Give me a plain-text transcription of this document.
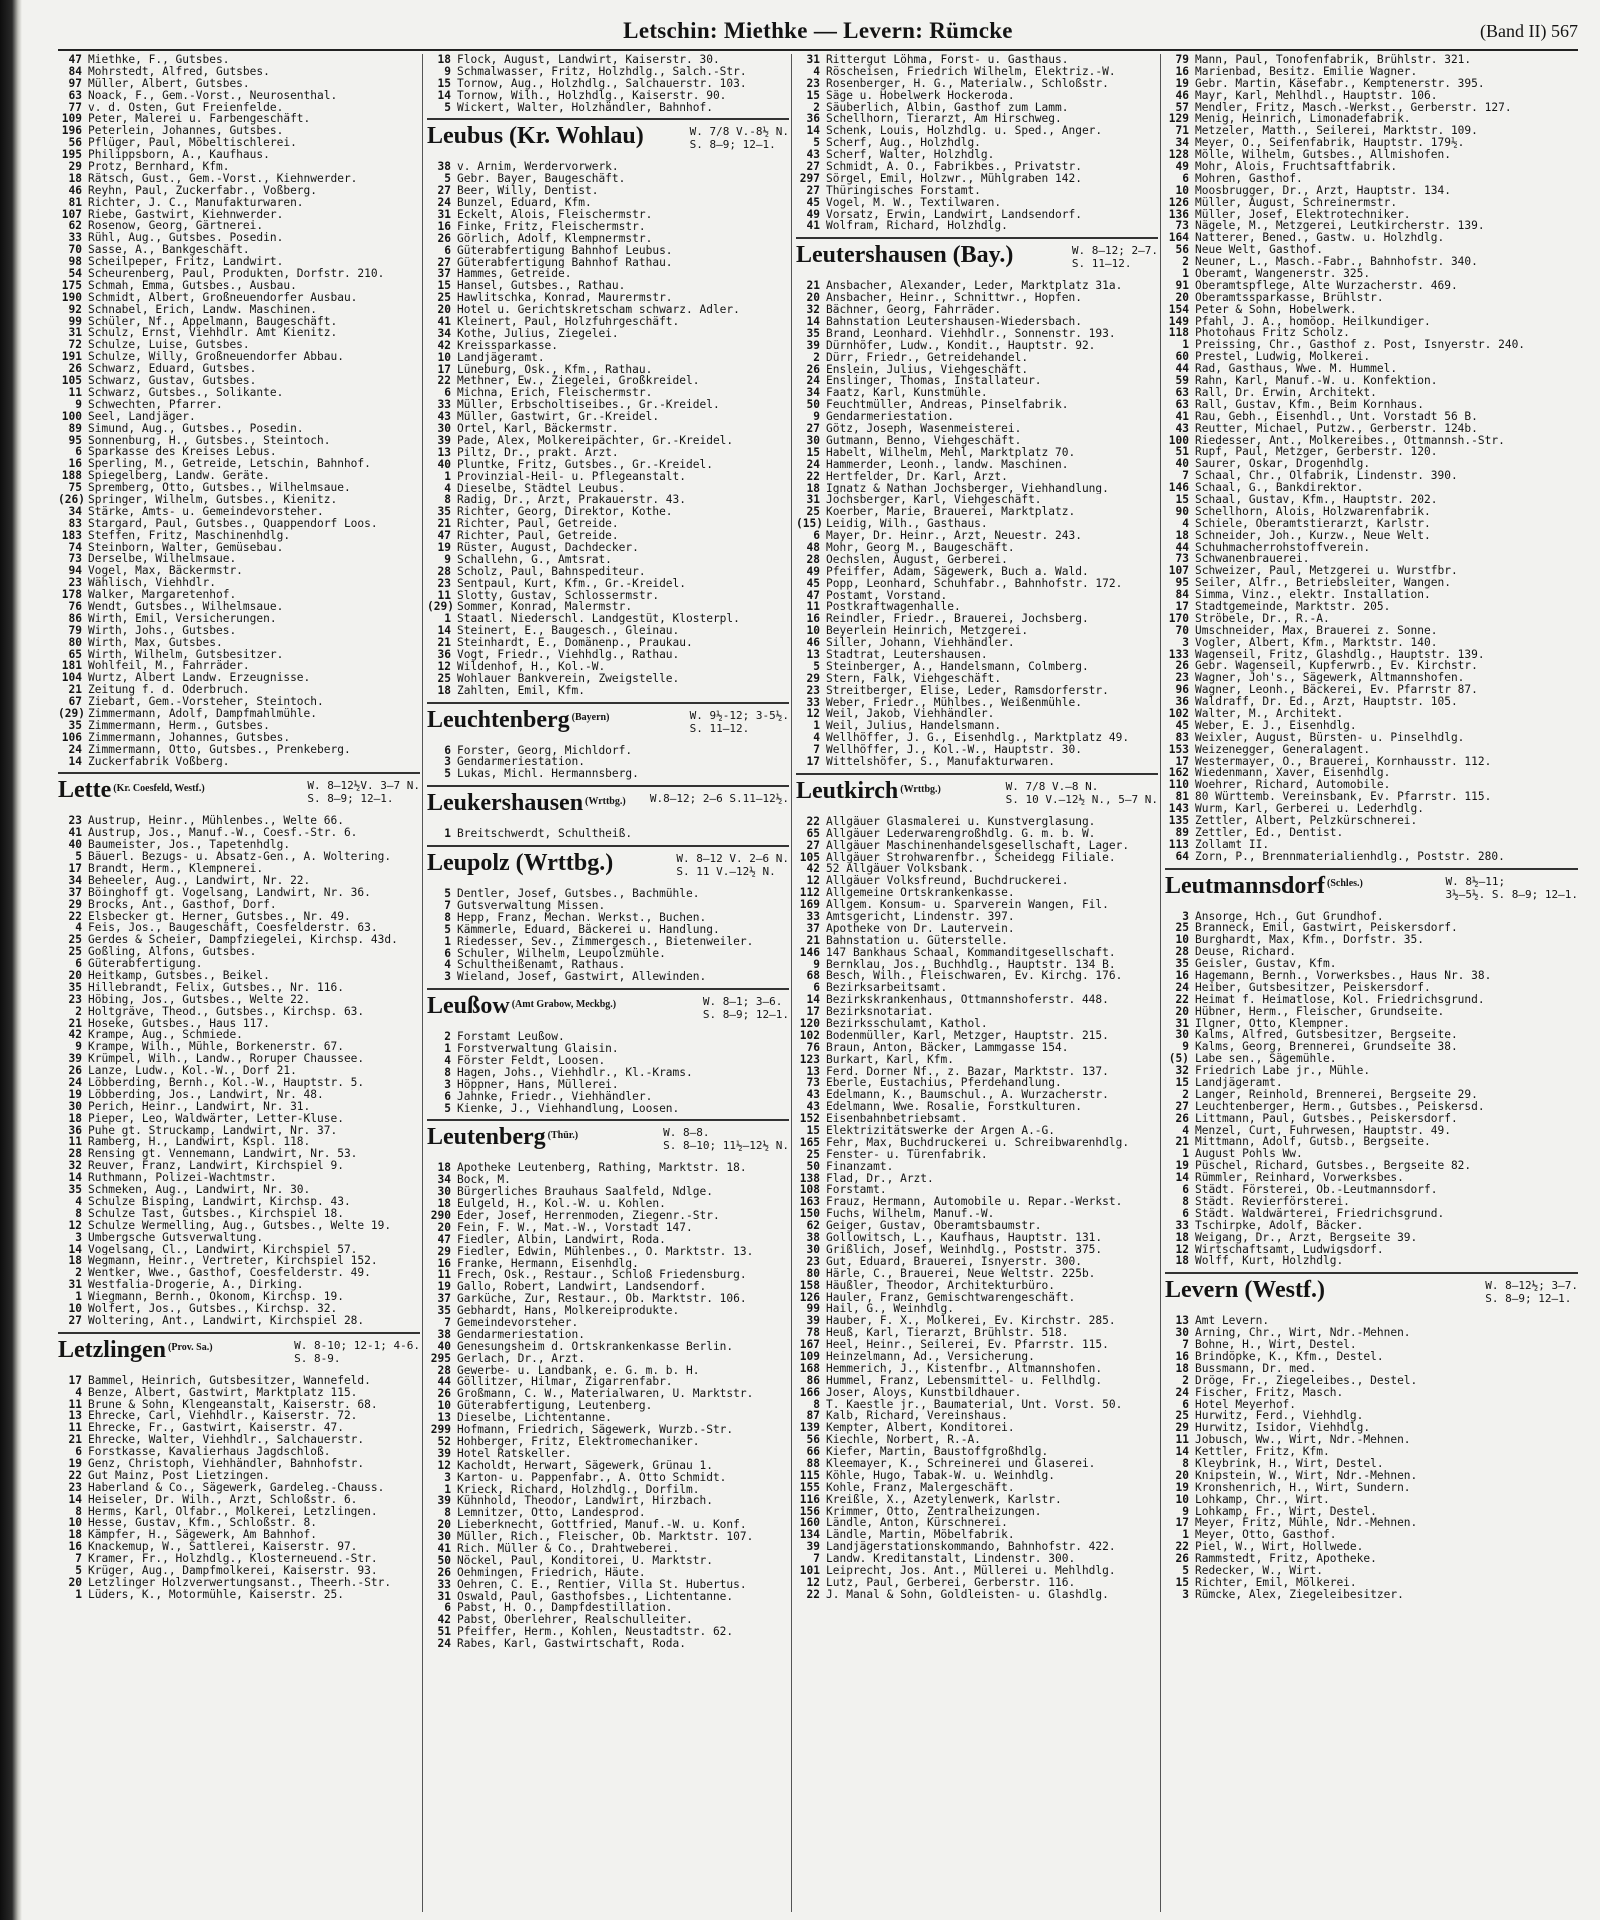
Letschin: Miethke — Levern: Rümcke	(Band II) 567
47 Miethke, F., Gutsbes.
84 Mohrstedt, Alfred, Gutsbes.
97 Müller, Albert, Gutsbes.
63 Noack, F., Gem.-Vorst., Neurosenthal.
77 v. d. Osten, Gut Freienfelde.
109 Peter, Malerei u. Farbengeschäft.
196 Peterlein, Johannes, Gutsbes.
56 Pflüger, Paul, Möbeltischlerei.
195 Philippsborn, A., Kaufhaus.
29 Protz, Bernhard, Kfm.
18 Rätsch, Gust., Gem.-Vorst., Kiehnwerder.
46 Reyhn, Paul, Zuckerfabr., Voßberg.
81 Richter, J. C., Manufakturwaren.
107 Riebe, Gastwirt, Kiehnwerder.
62 Rosenow, Georg, Gärtnerei.
33 Rühl, Aug., Gutsbes. Posedin.
70 Sasse, A., Bankgeschäft.
98 Scheilpeper, Fritz, Landwirt.
54 Scheurenberg, Paul, Produkten, Dorfstr. 210.
175 Schmah, Emma, Gutsbes., Ausbau.
190 Schmidt, Albert, Großneuendorfer Ausbau.
92 Schnabel, Erich, Landw. Maschinen.
99 Schüler, Nf., Appelmann, Baugeschäft.
31 Schulz, Ernst, Viehhdlr. Amt Kienitz.
72 Schulze, Luise, Gutsbes.
191 Schulze, Willy, Großneuendorfer Abbau.
26 Schwarz, Eduard, Gutsbes.
105 Schwarz, Gustav, Gutsbes.
11 Schwarz, Gutsbes., Solikante.
9 Schwechten, Pfarrer.
100 Seel, Landjäger.
89 Simund, Aug., Gutsbes., Posedin.
95 Sonnenburg, H., Gutsbes., Steintoch.
6 Sparkasse des Kreises Lebus.
16 Sperling, M., Getreide, Letschin, Bahnhof.
188 Spiegelberg, Landw. Geräte.
75 Spremberg, Otto, Gutsbes., Wilhelmsaue.
(26) Springer, Wilhelm, Gutsbes., Kienitz.
34 Stärke, Amts- u. Gemeindevorsteher.
83 Stargard, Paul, Gutsbes., Quappendorf Loos.
183 Steffen, Fritz, Maschinenhdlg.
74 Steinborn, Walter, Gemüsebau.
73 Derselbe, Wilhelmsaue.
94 Vogel, Max, Bäckermstr.
23 Wählisch, Viehhdlr.
178 Walker, Margaretenhof.
76 Wendt, Gutsbes., Wilhelmsaue.
86 Wirth, Emil, Versicherungen.
79 Wirth, Johs., Gutsbes.
80 Wirth, Max, Gutsbes.
65 Wirth, Wilhelm, Gutsbesitzer.
181 Wohlfeil, M., Fahrräder.
104 Wurtz, Albert Landw. Erzeugnisse.
21 Zeitung f. d. Oderbruch.
67 Ziebart, Gem.-Vorsteher, Steintoch.
(29) Zimmermann, Adolf, Dampfmahlmühle.
35 Zimmermann, Herm., Gutsbes.
106 Zimmermann, Johannes, Gutsbes.
24 Zimmermann, Otto, Gutsbes., Prenkeberg.
14 Zuckerfabrik Voßberg.
Lette $^{(Kr. Coesfeld, Westf.)}$	W. 8—12½V. 3—7 N.
S. 8—9; 12—1.
23 Austrup, Heinr., Mühlenbes., Welte 66.
41 Austrup, Jos., Manuf.-W., Coesf.-Str. 6.
40 Baumeister, Jos., Tapetenhdlg.
5 Bäuerl. Bezugs- u. Absatz-Gen., A. Woltering.
17 Brandt, Herm., Klempnerei.
34 Beheeler, Aug., Landwirt, Nr. 22.
37 Böinghoff gt. Vogelsang, Landwirt, Nr. 36.
29 Brocks, Ant., Gasthof, Dorf.
22 Elsbecker gt. Herner, Gutsbes., Nr. 49.
4 Feis, Jos., Baugeschäft, Coesfelderstr. 63.
25 Gerdes & Scheier, Dampfziegelei, Kirchsp. 43d.
25 Goßling, Alfons, Gutsbes.
6 Güterabfertigung.
20 Heitkamp, Gutsbes., Beikel.
35 Hillebrandt, Felix, Gutsbes., Nr. 116.
23 Höbing, Jos., Gutsbes., Welte 22.
2 Holtgräve, Theod., Gutsbes., Kirchsp. 63.
21 Hoseke, Gutsbes., Haus 117.
42 Krampe, Aug., Schmiede.
9 Krampe, Wilh., Mühle, Borkenerstr. 67.
39 Krümpel, Wilh., Landw., Roruper Chaussee.
26 Lanze, Ludw., Kol.-W., Dorf 21.
24 Löbberding, Bernh., Kol.-W., Hauptstr. 5.
19 Löbberding, Jos., Landwirt, Nr. 48.
30 Perich, Heinr., Landwirt, Nr. 31.
18 Pieper, Leo, Waldwärter, Letter-Kluse.
36 Puhe gt. Struckamp, Landwirt, Nr. 37.
11 Ramberg, H., Landwirt, Kspl. 118.
28 Rensing gt. Vennemann, Landwirt, Nr. 53.
32 Reuver, Franz, Landwirt, Kirchspiel 9.
14 Ruthmann, Polizei-Wachtmstr.
35 Schmeken, Aug., Landwirt, Nr. 30.
4 Schulze Bisping, Landwirt, Kirchsp. 43.
8 Schulze Tast, Gutsbes., Kirchspiel 18.
12 Schulze Wermelling, Aug., Gutsbes., Welte 19.
3 Umbergsche Gutsverwaltung.
14 Vogelsang, Cl., Landwirt, Kirchspiel 57.
18 Wegmann, Heinr., Vertreter, Kirchspiel 152.
2 Wentker, Wwe., Gasthof, Coesfelderstr. 49.
31 Westfalia-Drogerie, A., Dirking.
1 Wiegmann, Bernh., Ökonom, Kirchsp. 19.
10 Wolfert, Jos., Gutsbes., Kirchsp. 32.
27 Woltering, Ant., Landwirt, Kirchspiel 28.
Letzlingen $^{(Prov. Sa.)}$	W. 8-10; 12-1; 4-6.
S. 8-9.
17 Bammel, Heinrich, Gutsbesitzer, Wannefeld.
4 Benze, Albert, Gastwirt, Marktplatz 115.
11 Brune & Sohn, Klengeanstalt, Kaiserstr. 68.
13 Ehrecke, Carl, Viehhdlr., Kaiserstr. 72.
11 Ehrecke, Fr., Gastwirt, Kaiserstr. 47.
21 Ehrecke, Walter, Viehhdlr., Salchauerstr.
6 Forstkasse, Kavalierhaus Jagdschloß.
19 Genz, Christoph, Viehhändler, Bahnhofstr.
22 Gut Mainz, Post Lietzingen.
23 Haberland & Co., Sägewerk, Gardeleg.-Chauss.
14 Heiseler, Dr. Wilh., Arzt, Schloßstr. 6.
8 Herms, Karl, Ölfabr., Molkerei, Letzlingen.
10 Hesse, Gustav, Kfm., Schloßstr. 8.
18 Kämpfer, H., Sägewerk, Am Bahnhof.
16 Knackemup, W., Sattlerei, Kaiserstr. 97.
7 Kramer, Fr., Holzhdlg., Klosterneuend.-Str.
5 Krüger, Aug., Dampfmolkerei, Kaiserstr. 93.
20 Letzlinger Holzverwertungsanst., Theerh.-Str.
1 Lüders, K., Motormühle, Kaiserstr. 25.
18 Flock, August, Landwirt, Kaiserstr. 30.
9 Schmalwasser, Fritz, Holzhdlg., Salch.-Str.
15 Tornow, Aug., Holzhdlg., Salchauerstr. 103.
14 Tornow, Wilh., Holzhdlg., Kaiserstr. 90.
5 Wickert, Walter, Holzhändler, Bahnhof.
Leubus (Kr. Wohlau)	W. 7/8 V.-8½ N.
S. 8—9; 12—1.
38 v. Arnim, Werdervorwerk.
5 Gebr. Bayer, Baugeschäft.
27 Beer, Willy, Dentist.
24 Bunzel, Eduard, Kfm.
31 Eckelt, Alois, Fleischermstr.
16 Finke, Fritz, Fleischermstr.
26 Görlich, Adolf, Klempnermstr.
6 Güterabfertigung Bahnhof Leubus.
27 Güterabfertigung Bahnhof Rathau.
37 Hammes, Getreide.
15 Hansel, Gutsbes., Rathau.
25 Hawlitschka, Konrad, Maurermstr.
20 Hotel u. Gerichtskretscham schwarz. Adler.
41 Kleinert, Paul, Holzfuhrgeschäft.
34 Kothe, Julius, Ziegelei.
42 Kreissparkasse.
10 Landjägeramt.
17 Lüneburg, Osk., Kfm., Rathau.
22 Methner, Ew., Ziegelei, Großkreidel.
6 Michna, Erich, Fleischermstr.
33 Müller, Erbscholtiseibes., Gr.-Kreidel.
43 Müller, Gastwirt, Gr.-Kreidel.
30 Örtel, Karl, Bäckermstr.
39 Pade, Alex, Molkereipächter, Gr.-Kreidel.
13 Piltz, Dr., prakt. Arzt.
40 Pluntke, Fritz, Gutsbes., Gr.-Kreidel.
1 Provinzial-Heil- u. Pflegeanstalt.
4 Dieselbe, Städtel Leubus.
8 Radig, Dr., Arzt, Prakauerstr. 43.
35 Richter, Georg, Direktor, Kothe.
21 Richter, Paul, Getreide.
47 Richter, Paul, Getreide.
19 Rüster, August, Dachdecker.
9 Schallehn, G., Amtsrat.
28 Scholz, Paul, Bahnspediteur.
23 Sentpaul, Kurt, Kfm., Gr.-Kreidel.
11 Slotty, Gustav, Schlossermstr.
(29) Sommer, Konrad, Malermstr.
1 Staatl. Niederschl. Landgestüt, Klosterpl.
14 Steinert, E., Baugesch., Gleinau.
21 Steinhardt, E., Domänenp., Praukau.
36 Vogt, Friedr., Viehhdlg., Rathau.
12 Wildenhof, H., Kol.-W.
25 Wohlauer Bankverein, Zweigstelle.
18 Zahlten, Emil, Kfm.
Leuchtenberg $^{(Bayern)}$	W. 9½-12; 3-5½.
S. 11—12.
6 Forster, Georg, Michldorf.
3 Gendarmeriestation.
5 Lukas, Michl. Hermannsberg.
Leukershausen $^{(Wrttbg.)}$ W.8—12; 2—6 S.11—12½.
1 Breitschwerdt, Schultheiß.
Leupolz (Wrttbg.)	W. 8—12 V. 2—6 N.
S. 11 V.—12½ N.
5 Dentler, Josef, Gutsbes., Bachmühle.
7 Gutsverwaltung Missen.
8 Hepp, Franz, Mechan. Werkst., Buchen.
5 Kämmerle, Eduard, Bäckerei u. Handlung.
1 Riedesser, Sev., Zimmergesch., Bietenweiler.
6 Schuler, Wilhelm, Leupolzmühle.
4 Schultheißenamt, Rathaus.
3 Wieland, Josef, Gastwirt, Allewinden.
Leußow $^{(Amt Grabow, Meckbg.)}$	W. 8—1; 3—6.
S. 8—9; 12—1.
2 Forstamt Leußow.
1 Forstverwaltung Glaisin.
4 Förster Feldt, Loosen.
8 Hagen, Johs., Viehhdlr., Kl.-Krams.
3 Höppner, Hans, Müllerei.
6 Jahnke, Friedr., Viehhändler.
5 Kienke, J., Viehhandlung, Loosen.
Leutenberg $^{(Thür.)}$	W. 8—8.
S. 8—10; 11½—12½ N.
18 Apotheke Leutenberg, Rathing, Marktstr. 18.
34 Bock, M.
30 Bürgerliches Brauhaus Saalfeld, Ndlge.
18 Eulgeld, H., Kol.-W. u. Kohlen.
290 Eder, Josef, Herrenmoden, Ziegenr.-Str.
20 Fein, F. W., Mat.-W., Vorstadt 147.
47 Fiedler, Albin, Landwirt, Roda.
29 Fiedler, Edwin, Mühlenbes., O. Marktstr. 13.
16 Franke, Hermann, Eisenhdlg.
11 Frech, Osk., Restaur., Schloß Friedensburg.
19 Gallo, Robert, Landwirt, Landsendorf.
37 Garküche, Zur, Restaur., Ob. Marktstr. 106.
35 Gebhardt, Hans, Molkereiprodukte.
7 Gemeindevorsteher.
38 Gendarmeriestation.
40 Genesungsheim d. Ortskrankenkasse Berlin.
295 Gerlach, Dr., Arzt.
28 Gewerbe- u. Landbank, e. G. m. b. H.
44 Göllitzer, Hilmar, Zigarrenfabr.
26 Großmann, C. W., Materialwaren, U. Marktstr.
10 Güterabfertigung, Leutenberg.
13 Dieselbe, Lichtentanne.
299 Hofmann, Friedrich, Sägewerk, Wurzb.-Str.
52 Hohberger, Fritz, Elektromechaniker.
39 Hotel Ratskeller.
12 Kacholdt, Herwart, Sägewerk, Grünau 1.
3 Karton- u. Pappenfabr., A. Otto Schmidt.
1 Krieck, Richard, Holzhdlg., Dorfilm.
39 Kühnhold, Theodor, Landwirt, Hirzbach.
8 Lemnitzer, Otto, Landesprod.
20 Lieberknecht, Gottfried, Manuf.-W. u. Konf.
30 Müller, Rich., Fleischer, Ob. Marktstr. 107.
41 Rich. Müller & Co., Drahtweberei.
50 Nöckel, Paul, Konditorei, U. Marktstr.
26 Oehmingen, Friedrich, Häute.
33 Oehren, C. E., Rentier, Villa St. Hubertus.
31 Oswald, Paul, Gasthofsbes., Lichtentanne.
6 Pabst, H. O., Dampfdestillation.
42 Pabst, Oberlehrer, Realschulleiter.
51 Pfeiffer, Herm., Kohlen, Neustadtstr. 62.
24 Rabes, Karl, Gastwirtschaft, Roda.
31 Rittergut Löhma, Forst- u. Gasthaus.
4 Röscheisen, Friedrich Wilhelm, Elektriz.-W.
23 Rosenberger, H. G., Materialw., Schloßstr.
15 Säge u. Hobelwerk Hockeroda.
2 Säuberlich, Albin, Gasthof zum Lamm.
36 Schellhorn, Tierarzt, Am Hirschweg.
14 Schenk, Louis, Holzhdlg. u. Sped., Anger.
5 Scherf, Aug., Holzhdlg.
43 Scherf, Walter, Holzhdlg.
27 Schmidt, A. O., Fabrikbes., Privatstr.
297 Sörgel, Emil, Holzwr., Mühlgraben 142.
27 Thüringisches Forstamt.
45 Vogel, M. W., Textilwaren.
49 Vorsatz, Erwin, Landwirt, Landsendorf.
41 Wolfram, Richard, Holzhdlg.
Leutershausen (Bay.)	W. 8—12; 2—7.
S. 11—12.
21 Ansbacher, Alexander, Leder, Marktplatz 31a.
20 Ansbacher, Heinr., Schnittwr., Hopfen.
32 Bächner, Georg, Fahrräder.
14 Bahnstation Leutershausen-Wiedersbach.
35 Brand, Leonhard. Viehhdlr., Sonnenstr. 193.
39 Dürnhöfer, Ludw., Kondit., Hauptstr. 92.
2 Dürr, Friedr., Getreidehandel.
26 Enslein, Julius, Viehgeschäft.
24 Enslinger, Thomas, Installateur.
34 Faatz, Karl, Kunstmühle.
50 Feuchtmüller, Andreas, Pinselfabrik.
9 Gendarmeriestation.
27 Götz, Joseph, Wasenmeisterei.
30 Gutmann, Benno, Viehgeschäft.
15 Habelt, Wilhelm, Mehl, Marktplatz 70.
24 Hammerder, Leonh., landw. Maschinen.
22 Hertfelder, Dr. Karl, Arzt.
18 Ignatz & Nathan Jochsberger, Viehhandlung.
31 Jochsberger, Karl, Viehgeschäft.
25 Koerber, Marie, Brauerei, Marktplatz.
(15) Leidig, Wilh., Gasthaus.
6 Mayer, Dr. Heinr., Arzt, Neuestr. 243.
48 Mohr, Georg M., Baugeschäft.
28 Oechslen, August, Gerberei.
49 Pfeiffer, Adam, Sägewerk, Buch a. Wald.
45 Popp, Leonhard, Schuhfabr., Bahnhofstr. 172.
47 Postamt, Vorstand.
11 Postkraftwagenhalle.
16 Reindler, Friedr., Brauerei, Jochsberg.
10 Beyerlein Heinrich, Metzgerei.
46 Siller, Johann, Viehhändler.
13 Stadtrat, Leutershausen.
5 Steinberger, A., Handelsmann, Colmberg.
29 Stern, Falk, Viehgeschäft.
23 Streitberger, Elise, Leder, Ramsdorferstr.
33 Weber, Friedr., Mühlbes., Weißenmühle.
12 Weil, Jakob, Viehhändler.
1 Weil, Julius, Handelsmann.
4 Wellhöffer, J. G., Eisenhdlg., Marktplatz 49.
7 Wellhöffer, J., Kol.-W., Hauptstr. 30.
17 Wittelshöfer, S., Manufakturwaren.
Leutkirch $^{(Wrttbg.)}$	W. 7/8 V.—8 N.
S. 10 V.—12½ N., 5—7 N.
22 Allgäuer Glasmalerei u. Kunstverglasung.
65 Allgäuer Lederwarengroßhdlg. G. m. b. W.
27 Allgäuer Maschinenhandelsgesellschaft, Lager.
105 Allgäuer Strohwarenfbr., Scheidegg Filiale.
42 52 Allgäuer Volksbank.
12 Allgäuer Volksfreund, Buchdruckerei.
112 Allgemeine Ortskrankenkasse.
169 Allgem. Konsum- u. Sparverein Wangen, Fil.
33 Amtsgericht, Lindenstr. 397.
37 Apotheke von Dr. Lautervein.
21 Bahnstation u. Güterstelle.
146 147 Bankhaus Schaal, Kommanditgesellschaft.
9 Bernklau, Jos., Buchhdlg., Hauptstr. 134 B.
68 Besch, Wilh., Fleischwaren, Ev. Kirchg. 176.
6 Bezirksarbeitsamt.
14 Bezirkskrankenhaus, Ottmannshoferstr. 448.
17 Bezirksnotariat.
120 Bezirksschulamt, Kathol.
102 Bodenmüller, Karl, Metzger, Hauptstr. 215.
76 Braun, Anton, Bäcker, Lammgasse 154.
123 Burkart, Karl, Kfm.
13 Ferd. Dorner Nf., z. Bazar, Marktstr. 137.
73 Eberle, Eustachius, Pferdehandlung.
43 Edelmann, K., Baumschul., A. Wurzacherstr.
43 Edelmann, Wwe. Rosalie, Forstkulturen.
152 Eisenbahnbetriebsamt.
15 Elektrizitätswerke der Argen A.-G.
165 Fehr, Max, Buchdruckerei u. Schreibwarenhdlg.
25 Fenster- u. Türenfabrik.
50 Finanzamt.
138 Flad, Dr., Arzt.
108 Forstamt.
163 Frauz, Hermann, Automobile u. Repar.-Werkst.
150 Fuchs, Wilhelm, Manuf.-W.
62 Geiger, Gustav, Oberamtsbaumstr.
38 Gollowitsch, L., Kaufhaus, Hauptstr. 131.
30 Grißlich, Josef, Weinhdlg., Poststr. 375.
23 Gut, Eduard, Brauerei, Isnyerstr. 300.
80 Härle, C., Brauerei, Neue Weltstr. 225b.
158 Häußler, Theodor, Architekturbüro.
126 Hauler, Franz, Gemischtwarengeschäft.
99 Hail, G., Weinhdlg.
39 Hauber, F. X., Molkerei, Ev. Kirchstr. 285.
78 Heuß, Karl, Tierarzt, Brühlstr. 518.
167 Heel, Heinr., Seilerei, Ev. Pfarrstr. 115.
109 Heinzelmann, Ad., Versicherung.
168 Hemmerich, J., Kistenfbr., Altmannshofen.
86 Hummel, Franz, Lebensmittel- u. Fellhdlg.
166 Joser, Aloys, Kunstbildhauer.
8 T. Kaestle jr., Baumaterial, Unt. Vorst. 50.
87 Kalb, Richard, Vereinshaus.
139 Kempter, Albert, Konditorei.
56 Kiechle, Norbert, R.-A.
66 Kiefer, Martin, Baustoffgroßhdlg.
88 Kleemayer, K., Schreinerei und Glaserei.
115 Köhle, Hugo, Tabak-W. u. Weinhdlg.
155 Kohle, Franz, Malergeschäft.
116 Kreißle, X., Azetylenwerk, Karlstr.
156 Krimmer, Otto, Zentralheizungen.
160 Ländle, Anton, Kürschnerei.
134 Ländle, Martin, Möbelfabrik.
39 Landjägerstationskommando, Bahnhofstr. 422.
7 Landw. Kreditanstalt, Lindenstr. 300.
101 Leiprecht, Jos. Ant., Müllerei u. Mehlhdlg.
12 Lutz, Paul, Gerberei, Gerberstr. 116.
22 J. Manal & Sohn, Goldleisten- u. Glashdlg.
79 Mann, Paul, Tonofenfabrik, Brühlstr. 321.
16 Marienbad, Besitz. Emilie Wagner.
19 Gebr. Martin, Käsefabr., Kemptenerstr. 395.
46 Mayr, Karl, Mehlhdl., Hauptstr. 106.
57 Mendler, Fritz, Masch.-Werkst., Gerberstr. 127.
129 Menig, Heinrich, Limonadefabrik.
71 Metzeler, Matth., Seilerei, Marktstr. 109.
34 Meyer, O., Seifenfabrik, Hauptstr. 179½.
128 Mölle, Wilhelm, Gutsbes., Allmishofen.
49 Mohr, Alois, Fruchtsaftfabrik.
6 Mohren, Gasthof.
10 Moosbrugger, Dr., Arzt, Hauptstr. 134.
126 Müller, August, Schreinermstr.
136 Müller, Josef, Elektrotechniker.
73 Nägele, M., Metzgerei, Leutkircherstr. 139.
164 Natterer, Bened., Gastw. u. Holzhdlg.
56 Neue Welt, Gasthof.
2 Neuner, L., Masch.-Fabr., Bahnhofstr. 340.
1 Oberamt, Wangenerstr. 325.
91 Oberamtspflege, Alte Wurzacherstr. 469.
20 Oberamtssparkasse, Brühlstr.
154 Peter & Sohn, Hobelwerk.
149 Pfahl, J. A., homöop. Heilkundiger.
118 Photohaus Fritz Scholz.
1 Preissing, Chr., Gasthof z. Post, Isnyerstr. 240.
60 Prestel, Ludwig, Molkerei.
44 Rad, Gasthaus, Wwe. M. Hummel.
59 Rahn, Karl, Manuf.-W. u. Konfektion.
63 Rall, Dr. Erwin, Architekt.
63 Rall, Gustav, Kfm., Beim Kornhaus.
41 Rau, Gebh., Eisenhdl., Unt. Vorstadt 56 B.
43 Reutter, Michael, Putzw., Gerberstr. 124b.
100 Riedesser, Ant., Molkereibes., Ottmannsh.-Str.
51 Rupf, Paul, Metzger, Gerberstr. 120.
40 Saurer, Oskar, Drogenhdlg.
7 Schaal, Chr., Ölfabrik, Lindenstr. 390.
146 Schaal, G., Bankdirektor.
15 Schaal, Gustav, Kfm., Hauptstr. 202.
90 Schellhorn, Alois, Holzwarenfabrik.
4 Schiele, Oberamtstierarzt, Karlstr.
18 Schneider, Joh., Kurzw., Neue Welt.
44 Schuhmacherrohstoffverein.
73 Schwanenbrauerei.
107 Schweizer, Paul, Metzgerei u. Wurstfbr.
95 Seiler, Alfr., Betriebsleiter, Wangen.
84 Simma, Vinz., elektr. Installation.
17 Stadtgemeinde, Marktstr. 205.
170 Ströbele, Dr., R.-A.
70 Umschneider, Max, Brauerei z. Sonne.
3 Vogler, Albert, Kfm., Marktstr. 140.
133 Wagenseil, Fritz, Glashdlg., Hauptstr. 139.
26 Gebr. Wagenseil, Kupferwrb., Ev. Kirchstr.
23 Wagner, Joh's., Sägewerk, Altmannshofen.
96 Wagner, Leonh., Bäckerei, Ev. Pfarrstr 87.
36 Waldraff, Dr. Ed., Arzt, Hauptstr. 105.
102 Walter, M., Architekt.
45 Weber, E. J., Eisenhdlg.
83 Weixler, August, Bürsten- u. Pinselhdlg.
153 Weizenegger, Generalagent.
17 Westermayer, O., Brauerei, Kornhausstr. 112.
162 Wiedenmann, Xaver, Eisenhdlg.
110 Woehrer, Richard, Automobile.
81 80 Württemb. Vereinsbank, Ev. Pfarrstr. 115.
143 Wurm, Karl, Gerberei u. Lederhdlg.
135 Zettler, Albert, Pelzkürschnerei.
89 Zettler, Ed., Dentist.
113 Zollamt II.
64 Zorn, P., Brennmaterialienhdlg., Poststr. 280.
Leutmannsdorf $^{(Schles.)}$	W. 8½—11;
3½—5½. S. 8—9; 12—1.
3 Ansorge, Hch., Gut Grundhof.
25 Branneck, Emil, Gastwirt, Peiskersdorf.
10 Burghardt, Max, Kfm., Dorfstr. 35.
28 Deuse, Richard.
35 Geisler, Gustav, Kfm.
16 Hagemann, Bernh., Vorwerksbes., Haus Nr. 38.
24 Heiber, Gutsbesitzer, Peiskersdorf.
22 Heimat f. Heimatlose, Kol. Friedrichsgrund.
20 Hübner, Herm., Fleischer, Grundseite.
31 Ilgner, Otto, Klempner.
30 Kalms, Alfred, Gutsbesitzer, Bergseite.
9 Kalms, Georg, Brennerei, Grundseite 38.
(5) Labe sen., Sägemühle.
32 Friedrich Labe jr., Mühle.
15 Landjägeramt.
2 Langer, Reinhold, Brennerei, Bergseite 29.
27 Leuchtenberger, Herm., Gutsbes., Peiskersd.
26 Littmann, Paul, Gutsbes., Peiskersdorf.
4 Menzel, Curt, Fuhrwesen, Hauptstr. 49.
21 Mittmann, Adolf, Gutsb., Bergseite.
1 August Pohls Ww.
19 Püschel, Richard, Gutsbes., Bergseite 82.
14 Rümmler, Reinhard, Vorwerksbes.
6 Städt. Försterei, Ob.-Leutmannsdorf.
8 Städt. Revierförsterei.
6 Städt. Waldwärterei, Friedrichsgrund.
33 Tschirpke, Adolf, Bäcker.
18 Weigang, Dr., Arzt, Bergseite 39.
12 Wirtschaftsamt, Ludwigsdorf.
18 Wolff, Kurt, Holzhdlg.
Levern (Westf.)	W. 8—12½; 3—7.
S. 8—9; 12—1.
13 Amt Levern.
30 Arning, Chr., Wirt, Ndr.-Mehnen.
7 Bohne, H., Wirt, Destel.
16 Brindöpke, K., Kfm., Destel.
18 Bussmann, Dr. med.
2 Dröge, Fr., Ziegeleibes., Destel.
24 Fischer, Fritz, Masch.
6 Hotel Meyerhof.
25 Hurwitz, Ferd., Viehhdlg.
29 Hurwitz, Isidor, Viehhdlg.
11 Jobusch, Ww., Wirt, Ndr.-Mehnen.
14 Kettler, Fritz, Kfm.
8 Kleybrink, H., Wirt, Destel.
20 Knipstein, W., Wirt, Ndr.-Mehnen.
19 Kronshenrich, H., Wirt, Sundern.
10 Lohkamp, Chr., Wirt.
9 Lohkamp, Fr., Wirt, Destel.
17 Meyer, Fritz, Mühle, Ndr.-Mehnen.
1 Meyer, Otto, Gasthof.
22 Piel, W., Wirt, Hollwede.
26 Rammstedt, Fritz, Apotheke.
5 Redecker, W., Wirt.
15 Richter, Emil, Mölkerei.
3 Rümcke, Alex, Ziegeleibesitzer.
